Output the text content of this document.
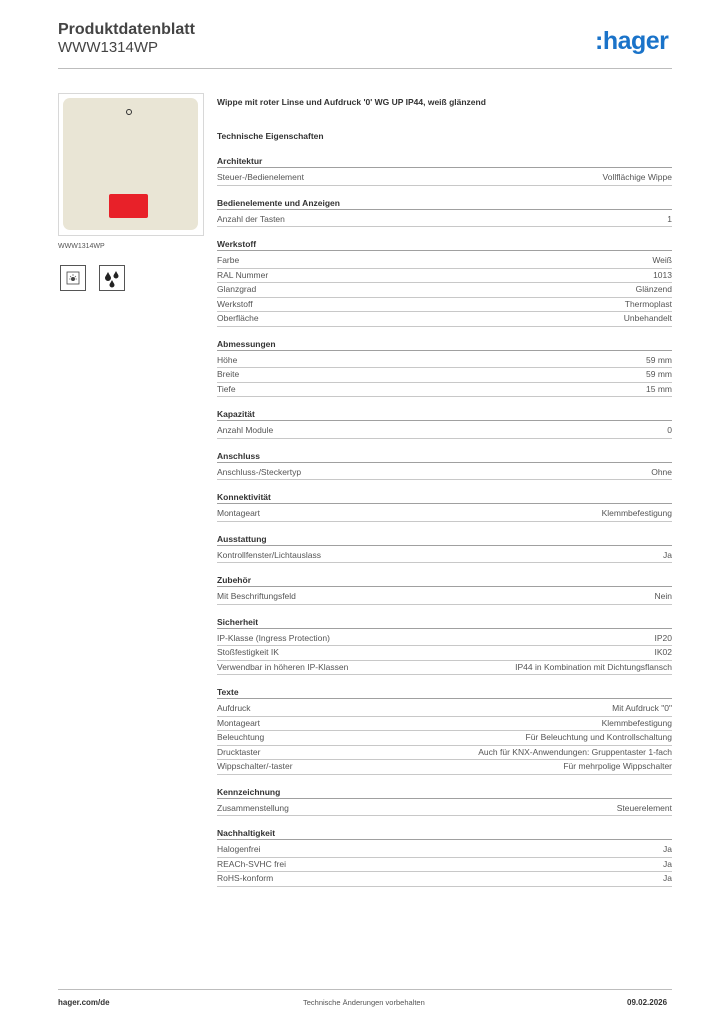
Produktdatenblatt
WWW1314WP	:hager
WWW1314WP
Wippe mit roter Linse und Aufdruck '0' WG UP IP44, weiß glänzend
Technische Eigenschaften
Architektur
Steuer-/Bedienelement	Vollflächige Wippe
Bedienelemente und Anzeigen
Anzahl der Tasten	1
Werkstoff
Farbe	Weiß
RAL Nummer	1013
Glanzgrad	Glänzend
Werkstoff	Thermoplast
Oberfläche	Unbehandelt
Abmessungen
Höhe	59 mm
Breite	59 mm
Tiefe	15 mm
Kapazität
Anzahl Module	0
Anschluss
Anschluss-/Steckertyp	Ohne
Konnektivität
Montageart	Klemmbefestigung
Ausstattung
Kontrollfenster/Lichtauslass	Ja
Zubehör
Mit Beschriftungsfeld	Nein
Sicherheit
IP-Klasse (Ingress Protection)	IP20
Stoßfestigkeit IK	IK02
Verwendbar in höheren IP-Klassen	IP44 in Kombination mit Dichtungsflansch
Texte
Aufdruck	Mit Aufdruck "0"
Montageart	Klemmbefestigung
Beleuchtung	Für Beleuchtung und Kontrollschaltung
Drucktaster	Auch für KNX-Anwendungen: Gruppentaster 1-fach
Wippschalter/-taster	Für mehrpolige Wippschalter
Kennzeichnung
Zusammenstellung	Steuerelement
Nachhaltigkeit
Halogenfrei	Ja
REACh-SVHC frei	Ja
RoHS-konform	Ja
hager.com/de	Technische Änderungen vorbehalten	09.02.2026
